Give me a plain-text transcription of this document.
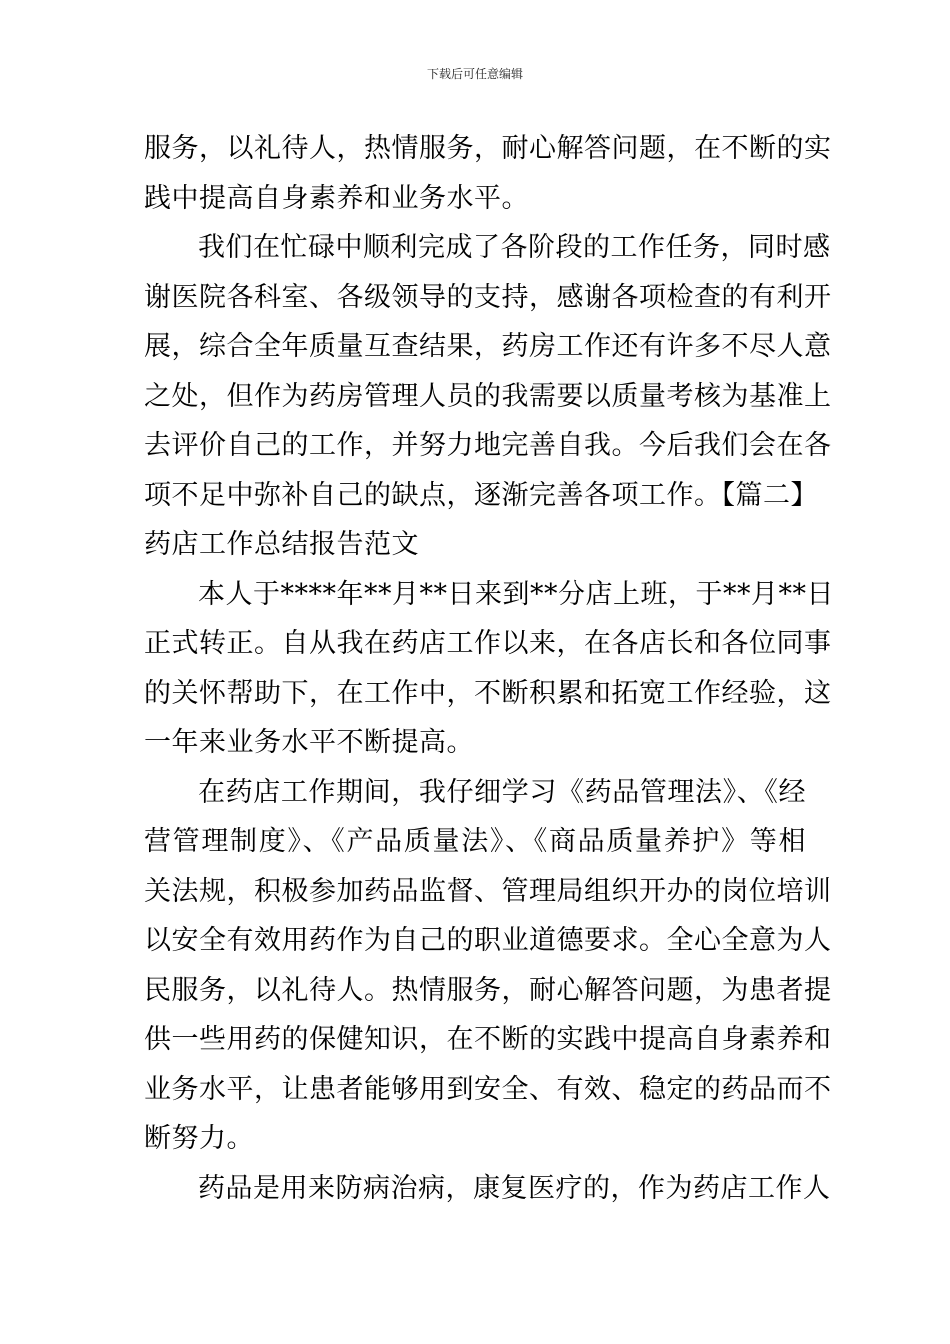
下载后可任意编辑
服务，以礼待人，热情服务，耐心解答问题，在不断的实
践中提高自身素养和业务水平。
我们在忙碌中顺利完成了各阶段的工作任务，同时感
谢医院各科室、各级领导的支持，感谢各项检查的有利开
展，综合全年质量互查结果，药房工作还有许多不尽人意
之处，但作为药房管理人员的我需要以质量考核为基准上
去评价自己的工作，并努力地完善自我。今后我们会在各
项不足中弥补自己的缺点，逐渐完善各项工作。【篇二】
药店工作总结报告范文
本人于****年**月**日来到**分店上班，于**月**日
正式转正。自从我在药店工作以来，在各店长和各位同事
的关怀帮助下，在工作中，不断积累和拓宽工作经验，这
一年来业务水平不断提高。
在药店工作期间，我仔细学习《药品管理法》、《经
营管理制度》、《产品质量法》、《商品质量养护》等相
关法规，积极参加药品监督、管理局组织开办的岗位培训
以安全有效用药作为自己的职业道德要求。全心全意为人
民服务，以礼待人。热情服务，耐心解答问题，为患者提
供一些用药的保健知识，在不断的实践中提高自身素养和
业务水平，让患者能够用到安全、有效、稳定的药品而不
断努力。
药品是用来防病治病，康复医疗的，作为药店工作人
